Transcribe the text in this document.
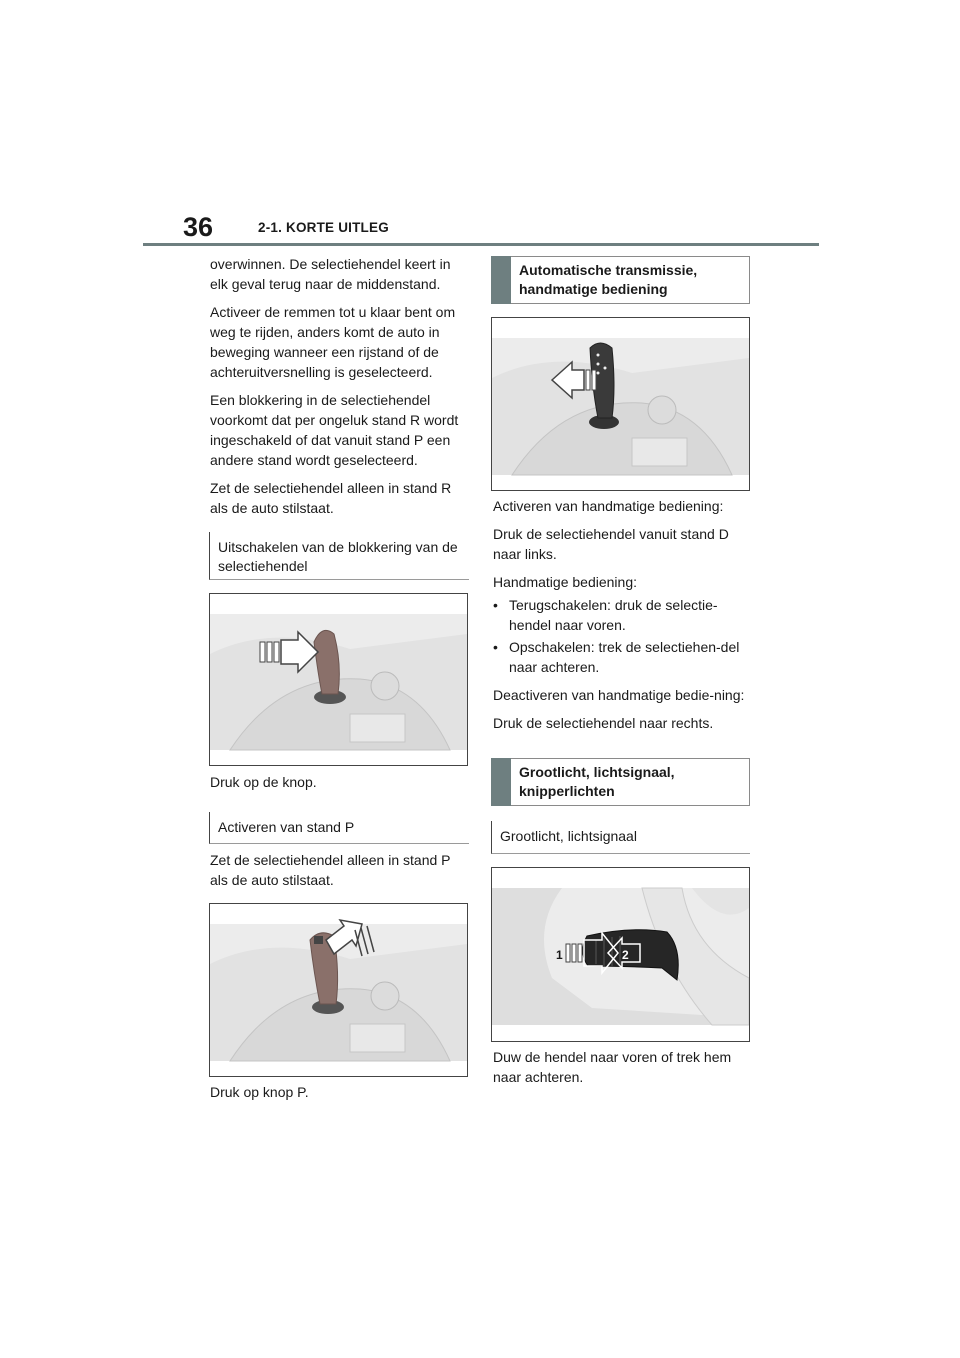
36	2-1. KORTE UITLEG

overwinnen. De selectiehendel keert in elk geval terug naar de middenstand.

Activeer de remmen tot u klaar bent om weg te rijden, anders komt de auto in beweging wanneer een rijstand of de achteruitversnelling is geselecteerd.

Een blokkering in de selectiehendel voorkomt dat per ongeluk stand R wordt ingeschakeld of dat vanuit stand P een andere stand wordt geselecteerd.

Zet de selectiehendel alleen in stand R als de auto stilstaat.

Uitschakelen van de blokkering van de selectiehendel

Druk op de knop.

Activeren van stand P

Zet de selectiehendel alleen in stand P als de auto stilstaat.

Druk op knop P.

Automatische transmissie, handmatige bediening

Activeren van handmatige bediening:

Druk de selectiehendel vanuit stand D naar links.

Handmatige bediening:

• Terugschakelen: druk de selectie-hendel naar voren.
• Opschakelen: trek de selectiehen-del naar achteren.

Deactiveren van handmatige bedie-ning:

Druk de selectiehendel naar rechts.

Grootlicht, lichtsignaal, knipperlichten
Grootlicht, lichtsignaal
1	2

Duw de hendel naar voren of trek hem naar achteren.
